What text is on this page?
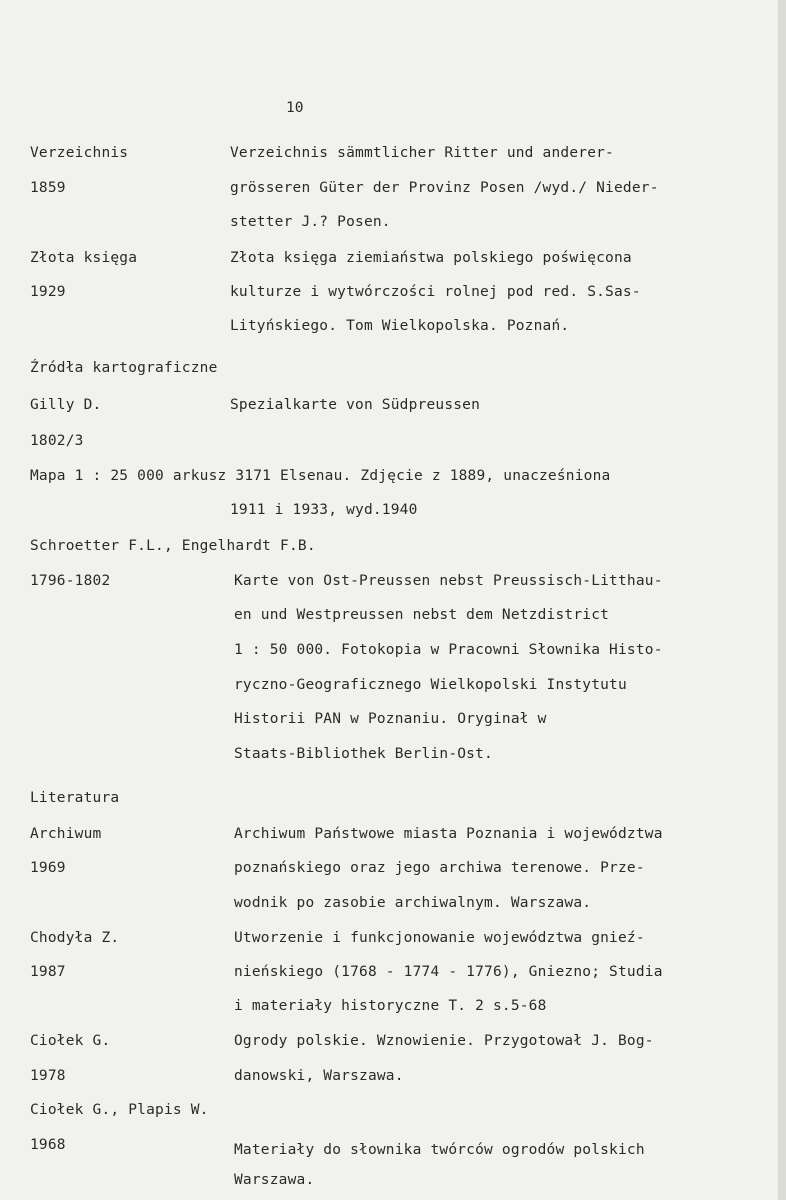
10
Verzeichnis	Verzeichnis sämmtlicher Ritter und anderer-
1859	grösseren Güter der Provinz Posen /wyd./ Nieder-
stetter J.? Posen.
Złota księga	Złota księga ziemiaństwa polskiego poświęcona
1929	kulturze i wytwórczości rolnej pod red. S.Sas-
Lityńskiego. Tom Wielkopolska. Poznań.
Źródła kartograficzne
Gilly D.	Spezialkarte von Südpreussen
1802/3
Mapa 1 : 25 000 arkusz 3171 Elsenau. Zdjęcie z 1889, unacześniona
1911 i 1933, wyd.1940
Schroetter F.L., Engelhardt F.B.
1796-1802	Karte von Ost-Preussen nebst Preussisch-Litthau-
en und Westpreussen nebst dem Netzdistrict
1 : 50 000. Fotokopia w Pracowni Słownika Histo-
ryczno-Geograficznego Wielkopolski Instytutu
Historii PAN w Poznaniu. Oryginał w
Staats-Bibliothek Berlin-Ost.
Literatura
Archiwum	Archiwum Państwowe miasta Poznania i województwa
1969	poznańskiego oraz jego archiwa terenowe. Prze-
wodnik po zasobie archiwalnym. Warszawa.
Chodyła Z.	Utworzenie i funkcjonowanie województwa gnieź-
1987	nieńskiego (1768 - 1774 - 1776), Gniezno; Studia
i materiały historyczne T. 2 s.5-68
Ciołek G.	Ogrody polskie. Wznowienie. Przygotował J. Bog-
1978	danowski, Warszawa.
Ciołek G., Plapis W.
1968	Materiały do słownika twórców ogrodów polskich
Warszawa.
